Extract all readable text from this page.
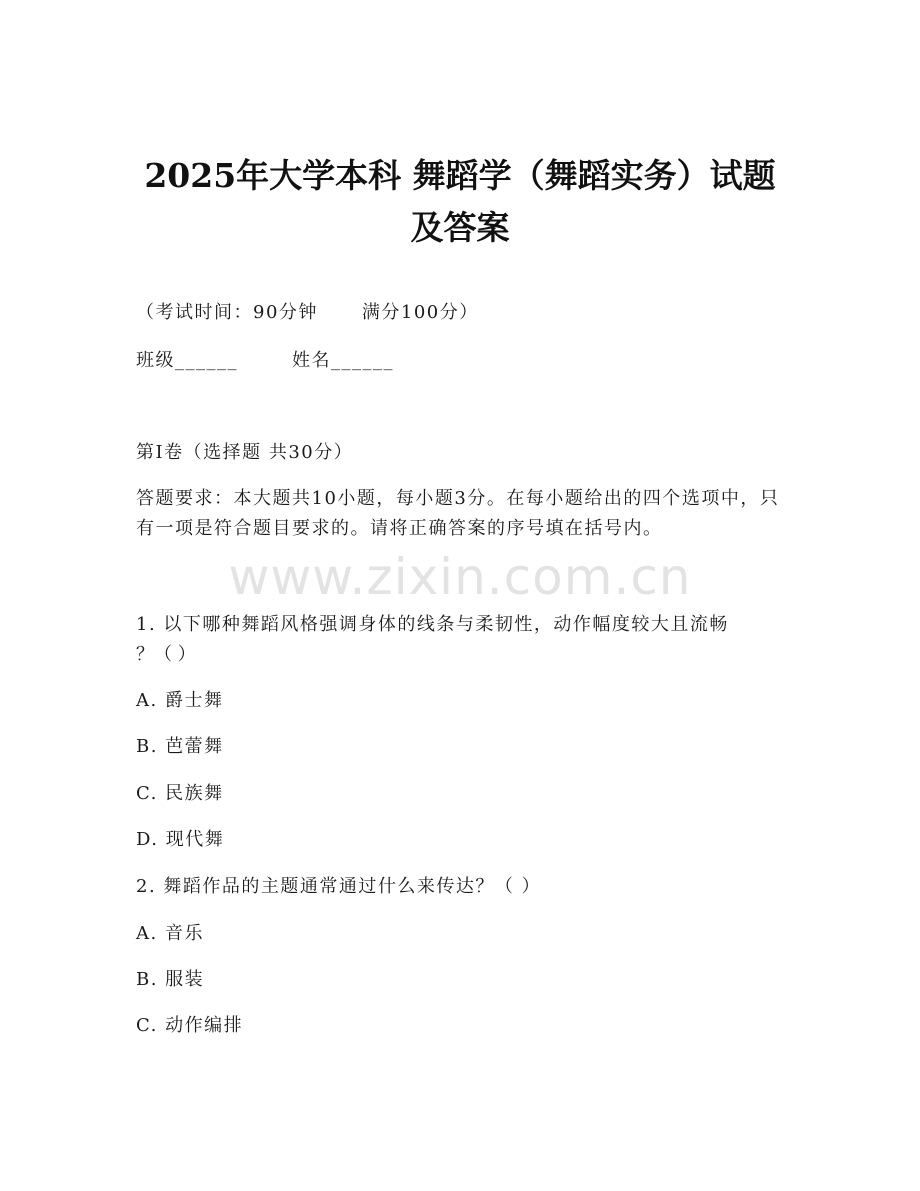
2025年大学本科 舞蹈学（舞蹈实务）试题
及答案
（考试时间：90分钟 满分100分）
班级______	姓名______
第Ⅰ卷（选择题 共30分）

答题要求：本大题共10小题，每小题3分。在每小题给出的四个选项中，只有一项是符合题目要求的。请将正确答案的序号填在括号内。

www.zixin.com.cn
1. 以下哪种舞蹈风格强调身体的线条与柔韧性，动作幅度较大且流畅
？（ ）
A. 爵士舞
B. 芭蕾舞
C. 民族舞
D. 现代舞
2. 舞蹈作品的主题通常通过什么来传达？（ ）
A. 音乐
B. 服装
C. 动作编排
